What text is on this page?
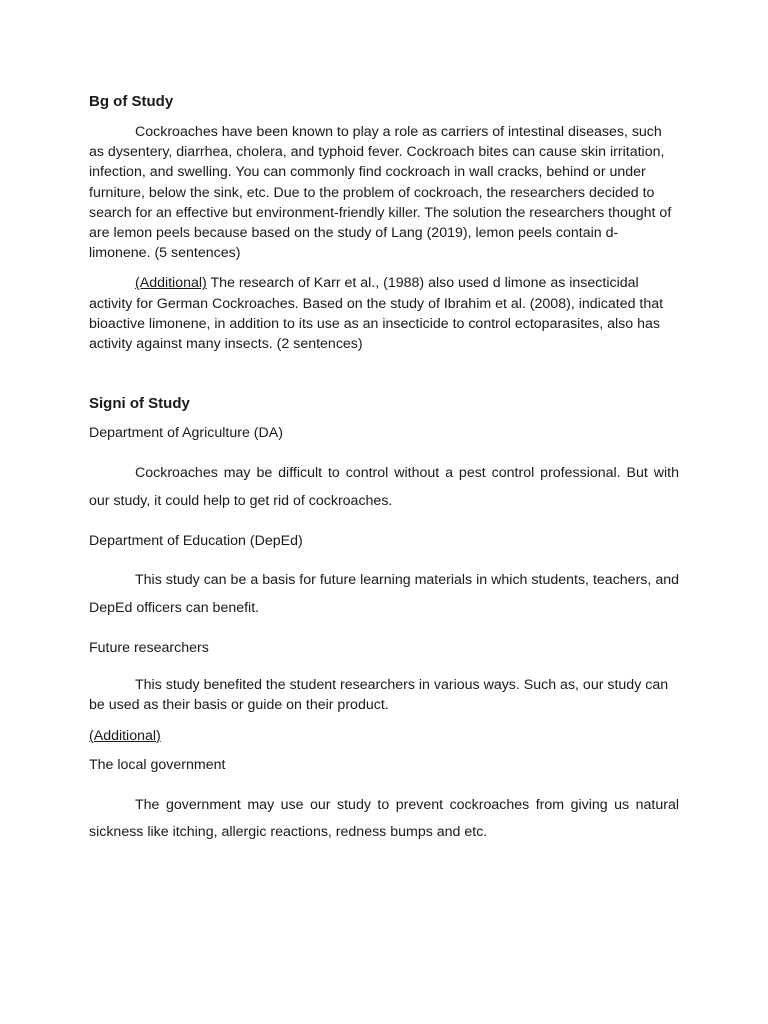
Bg of Study

Cockroaches have been known to play a role as carriers of intestinal diseases, such as dysentery, diarrhea, cholera, and typhoid fever. Cockroach bites can cause skin irritation, infection, and swelling. You can commonly find cockroach in wall cracks, behind or under furniture, below the sink, etc. Due to the problem of cockroach, the researchers decided to search for an effective but environment-friendly killer. The solution the researchers thought of are lemon peels because based on the study of Lang (2019), lemon peels contain d-limonene. (5 sentences)

(Additional) The research of Karr et al., (1988) also used d limone as insecticidal activity for German Cockroaches. Based on the study of Ibrahim et al. (2008), indicated that bioactive limonene, in addition to its use as an insecticide to control ectoparasites, also has activity against many insects. (2 sentences)

Signi of Study

Department of Agriculture (DA)

Cockroaches may be difficult to control without a pest control professional. But with our study, it could help to get rid of cockroaches.

Department of Education (DepEd)

This study can be a basis for future learning materials in which students, teachers, and DepEd officers can benefit.

Future researchers

This study benefited the student researchers in various ways. Such as, our study can be used as their basis or guide on their product.

(Additional)

The local government

The government may use our study to prevent cockroaches from giving us natural sickness like itching, allergic reactions, redness bumps and etc.
